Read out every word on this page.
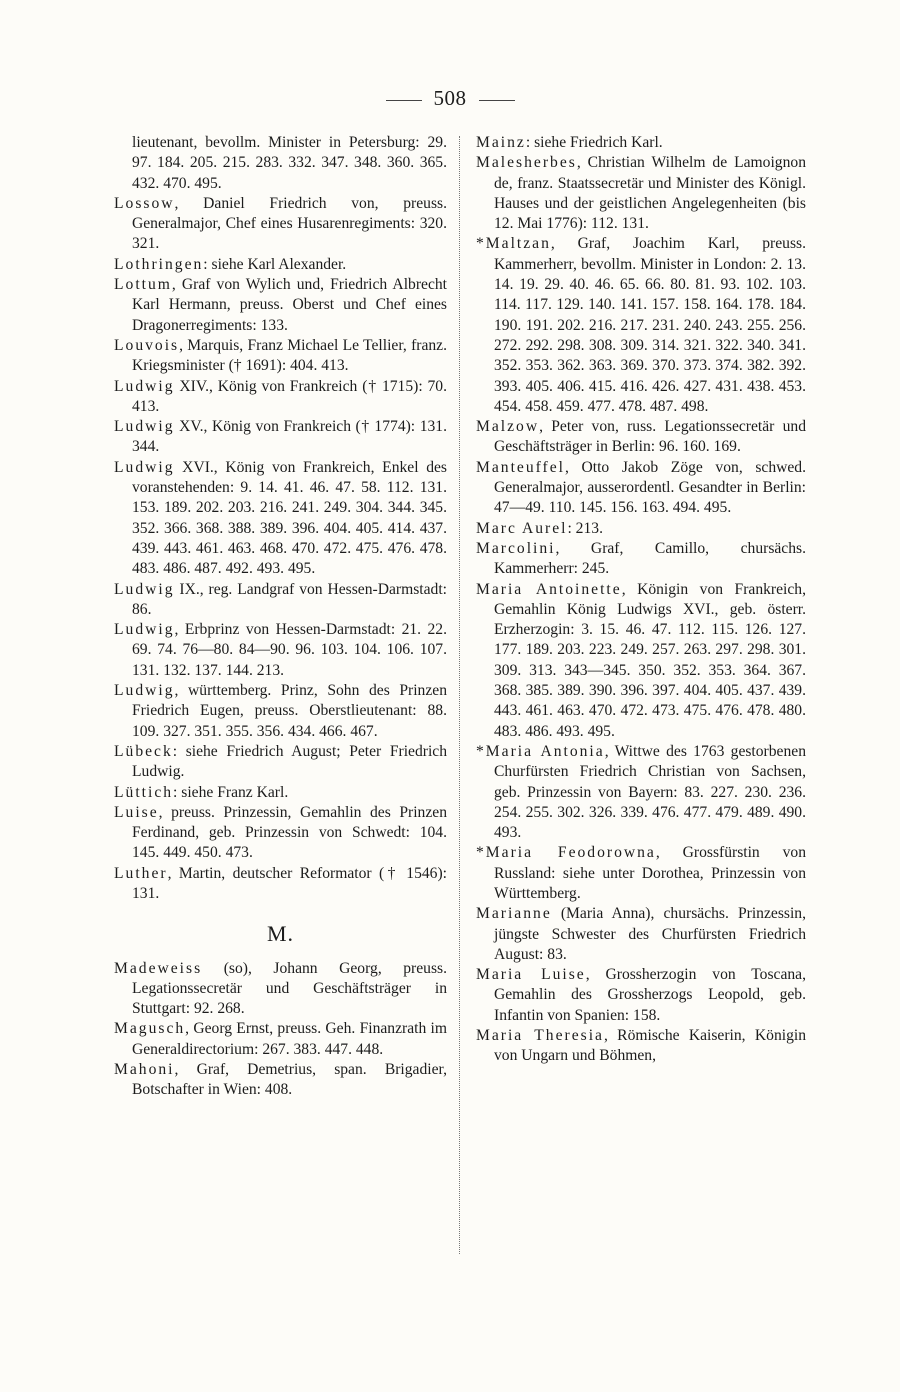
508

lieutenant, bevollm. Minister in Petersburg: 29. 97. 184. 205. 215. 283. 332. 347. 348. 360. 365. 432. 470. 495.

Lossow, Daniel Friedrich von, preuss. Generalmajor, Chef eines Husarenregiments: 320. 321.

Lothringen: siehe Karl Alexander.

Lottum, Graf von Wylich und, Friedrich Albrecht Karl Hermann, preuss. Oberst und Chef eines Dragonerregiments: 133.

Louvois, Marquis, Franz Michael Le Tellier, franz. Kriegsminister († 1691): 404. 413.

Ludwig XIV., König von Frankreich († 1715): 70. 413.

Ludwig XV., König von Frankreich († 1774): 131. 344.

Ludwig XVI., König von Frankreich, Enkel des voranstehenden: 9. 14. 41. 46. 47. 58. 112. 131. 153. 189. 202. 203. 216. 241. 249. 304. 344. 345. 352. 366. 368. 388. 389. 396. 404. 405. 414. 437. 439. 443. 461. 463. 468. 470. 472. 475. 476. 478. 483. 486. 487. 492. 493. 495.

Ludwig IX., reg. Landgraf von Hessen-Darmstadt: 86.

Ludwig, Erbprinz von Hessen-Darmstadt: 21. 22. 69. 74. 76—80. 84—90. 96. 103. 104. 106. 107. 131. 132. 137. 144. 213.

Ludwig, württemberg. Prinz, Sohn des Prinzen Friedrich Eugen, preuss. Oberstlieutenant: 88. 109. 327. 351. 355. 356. 434. 466. 467.

Lübeck: siehe Friedrich August; Peter Friedrich Ludwig.

Lüttich: siehe Franz Karl.

Luise, preuss. Prinzessin, Gemahlin des Prinzen Ferdinand, geb. Prinzessin von Schwedt: 104. 145. 449. 450. 473.

Luther, Martin, deutscher Reformator († 1546): 131.

M.

Madeweiss (so), Johann Georg, preuss. Legationssecretär und Geschäftsträger in Stuttgart: 92. 268.

Magusch, Georg Ernst, preuss. Geh. Finanzrath im Generaldirectorium: 267. 383. 447. 448.

Mahoni, Graf, Demetrius, span. Brigadier, Botschafter in Wien: 408.

Mainz: siehe Friedrich Karl.

Malesherbes, Christian Wilhelm de Lamoignon de, franz. Staatssecretär und Minister des Königl. Hauses und der geistlichen Angelegenheiten (bis 12. Mai 1776): 112. 131.

*Maltzan, Graf, Joachim Karl, preuss. Kammerherr, bevollm. Minister in London: 2. 13. 14. 19. 29. 40. 46. 65. 66. 80. 81. 93. 102. 103. 114. 117. 129. 140. 141. 157. 158. 164. 178. 184. 190. 191. 202. 216. 217. 231. 240. 243. 255. 256. 272. 292. 298. 308. 309. 314. 321. 322. 340. 341. 352. 353. 362. 363. 369. 370. 373. 374. 382. 392. 393. 405. 406. 415. 416. 426. 427. 431. 438. 453. 454. 458. 459. 477. 478. 487. 498.

Malzow, Peter von, russ. Legationssecretär und Geschäftsträger in Berlin: 96. 160. 169.

Manteuffel, Otto Jakob Zöge von, schwed. Generalmajor, ausserordentl. Gesandter in Berlin: 47—49. 110. 145. 156. 163. 494. 495.

Marc Aurel: 213.

Marcolini, Graf, Camillo, chursächs. Kammerherr: 245.

Maria Antoinette, Königin von Frankreich, Gemahlin König Ludwigs XVI., geb. österr. Erzherzogin: 3. 15. 46. 47. 112. 115. 126. 127. 177. 189. 203. 223. 249. 257. 263. 297. 298. 301. 309. 313. 343—345. 350. 352. 353. 364. 367. 368. 385. 389. 390. 396. 397. 404. 405. 437. 439. 443. 461. 463. 470. 472. 473. 475. 476. 478. 480. 483. 486. 493. 495.

*Maria Antonia, Wittwe des 1763 gestorbenen Churfürsten Friedrich Christian von Sachsen, geb. Prinzessin von Bayern: 83. 227. 230. 236. 254. 255. 302. 326. 339. 476. 477. 479. 489. 490. 493.

*Maria Feodorowna, Grossfürstin von Russland: siehe unter Dorothea, Prinzessin von Württemberg.

Marianne (Maria Anna), chursächs. Prinzessin, jüngste Schwester des Churfürsten Friedrich August: 83.

Maria Luise, Grossherzogin von Toscana, Gemahlin des Grossherzogs Leopold, geb. Infantin von Spanien: 158.

Maria Theresia, Römische Kaiserin, Königin von Ungarn und Böhmen,
